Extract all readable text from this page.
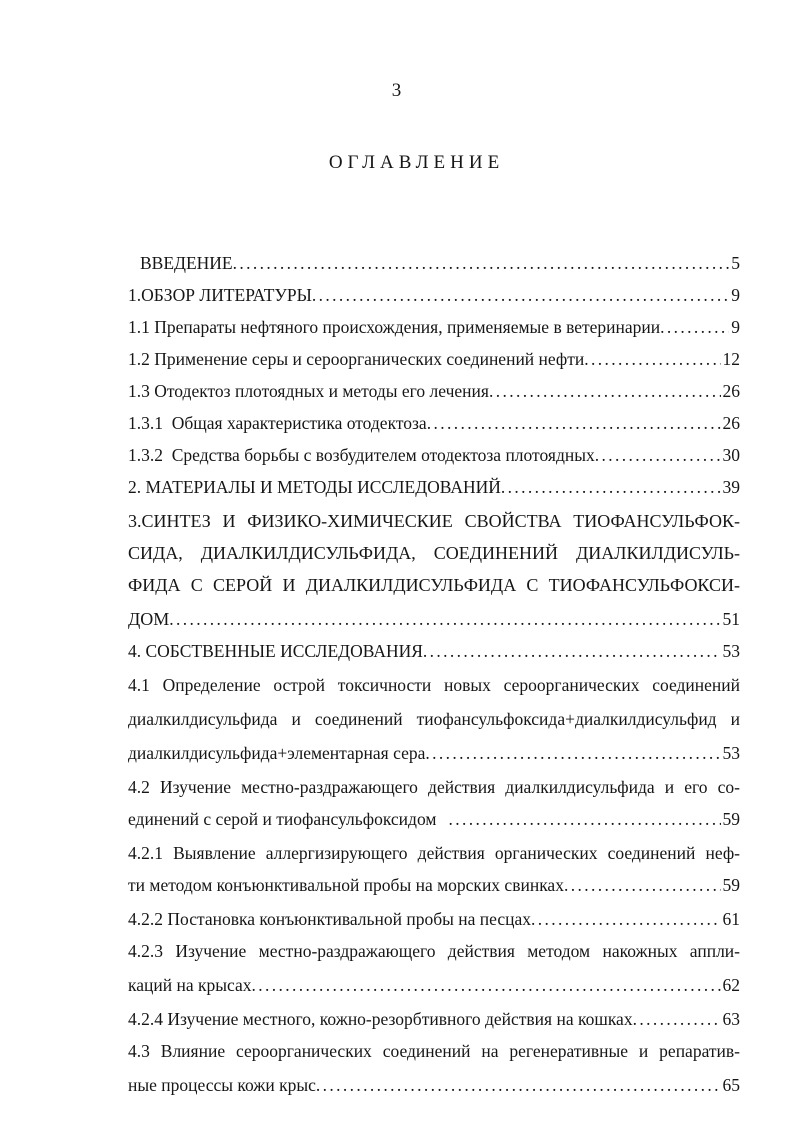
3
ОГЛАВЛЕНИЕ
ВВЕДЕНИЕ . . .	5
1.ОБЗОР ЛИТЕРАТУРЫ . . .	9
1.1 Препараты нефтяного происхождения, применяемые в ветеринарии . . .	9
1.2 Применение серы и сероорганических соединений нефти . . .	12
1.3 Отодектоз плотоядных и методы его лечения . . .	26
1.3.1  Общая характеристика отодектоза . . .	26
1.3.2  Средства борьбы с возбудителем отодектоза плотоядных . . .	30
2. МАТЕРИАЛЫ И МЕТОДЫ ИССЛЕДОВАНИЙ . . .	39
3.СИНТЕЗ И ФИЗИКО-ХИМИЧЕСКИЕ СВОЙСТВА ТИОФАНСУЛЬФОК-
СИДА, ДИАЛКИЛДИСУЛЬФИДА, СОЕДИНЕНИЙ ДИАЛКИЛДИСУЛЬ-
ФИДА С СЕРОЙ И ДИАЛКИЛДИСУЛЬФИДА С ТИОФАНСУЛЬФОКСИ-
ДОМ . . .	51
4. СОБСТВЕННЫЕ ИССЛЕДОВАНИЯ . . .	53
4.1 Определение острой токсичности новых сероорганических соединений
диалкилдисульфида и соединений тиофансульфоксида+диалкилдисульфид и
диалкилдисульфида+элементарная сера . . .	53
4.2 Изучение местно-раздражающего действия диалкилдисульфида и его со-
единений с серой и тиофансульфоксидом . . .	59
4.2.1 Выявление аллергизирующего действия органических соединений неф-
ти методом конъюнктивальной пробы на морских свинках . . .	59
4.2.2 Постановка конъюнктивальной пробы на песцах . . .	61
4.2.3 Изучение местно-раздражающего действия методом накожных аппли-
каций на крысах . . .	62
4.2.4 Изучение местного, кожно-резорбтивного действия на кошках . . .	63
4.3 Влияние сероорганических соединений на регенеративные и репаратив-
ные процессы кожи крыс . . .	65
